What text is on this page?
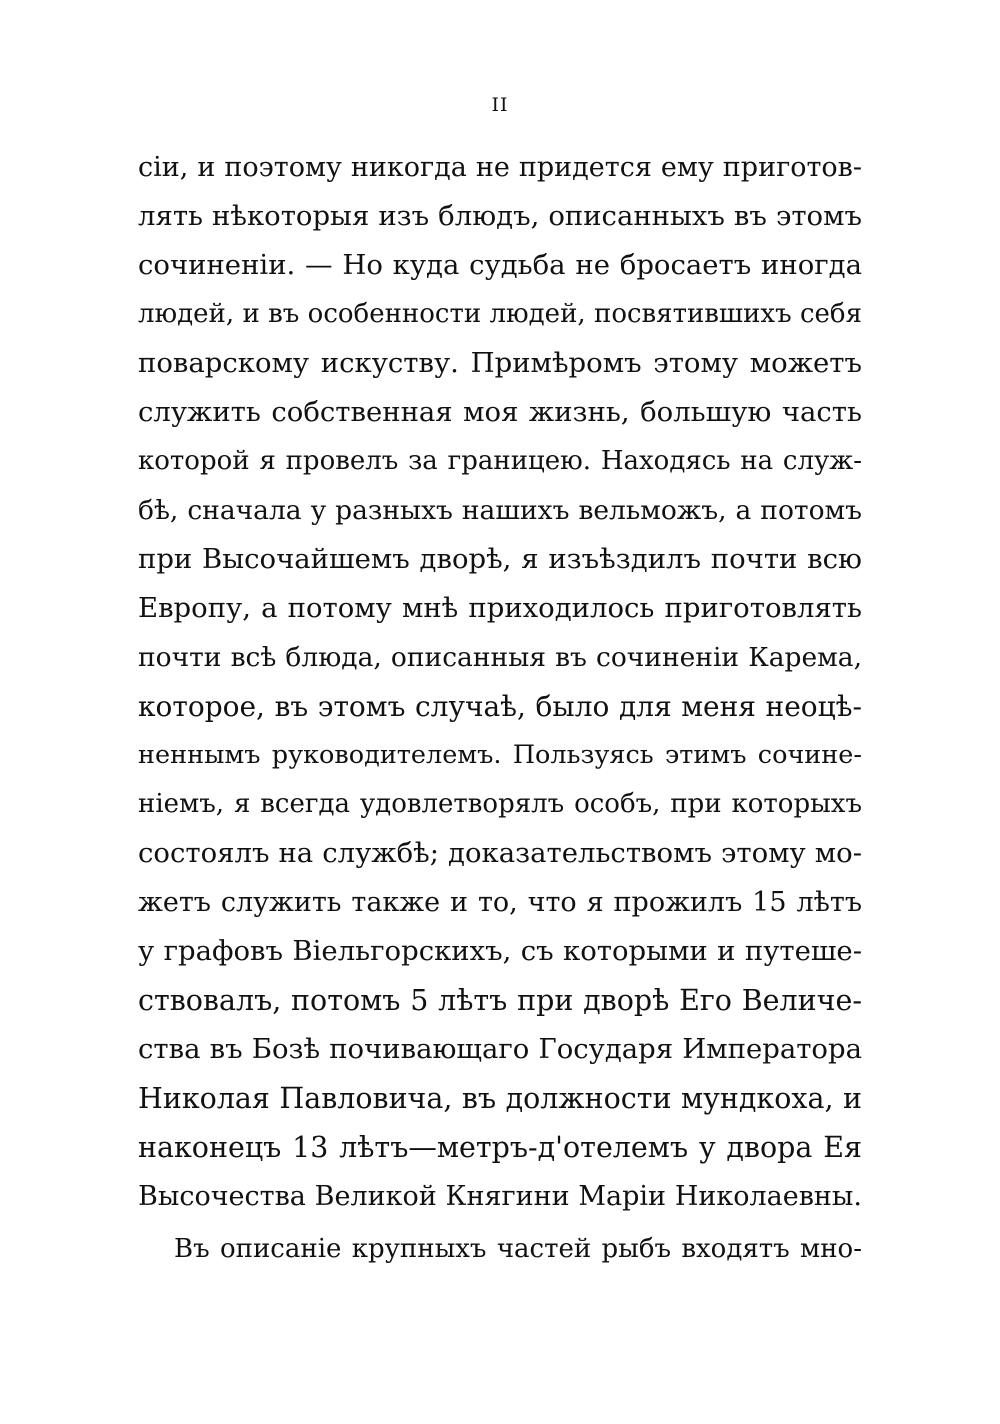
II
сіи, и поэтому никогда не придется ему приготов-
лять нѣкоторыя изъ блюдъ, описанныхъ въ этомъ
сочиненіи. — Но куда судьба не бросаетъ иногда
людей, и въ особенности людей, посвятившихъ себя
поварскому искуству. Примѣромъ этому можетъ
служить собственная моя жизнь, большую часть
которой я провелъ за границею. Находясь на служ-
бѣ, сначала у разныхъ нашихъ вельможъ, а потомъ
при Высочайшемъ дворѣ, я изъѣздилъ почти всю
Европу, а потому мнѣ приходилось приготовлять
почти всѣ блюда, описанныя въ сочиненіи Карема,
которое, въ этомъ случаѣ, было для меня неоцѣ-
неннымъ руководителемъ. Пользуясь этимъ сочине-
ніемъ, я всегда удовлетворялъ особъ, при которыхъ
состоялъ на службѣ; доказательствомъ этому мо-
жетъ служить также и то, что я прожилъ 15 лѣтъ
у графовъ Віельгорскихъ, съ которыми и путеше-
ствовалъ, потомъ 5 лѣтъ при дворѣ Его Величе-
ства въ Бозѣ почивающаго Государя Императора
Николая Павловича, въ должности мундкоха, и
наконецъ 13 лѣтъ—метръ-д'отелемъ у двора Ея
Высочества Великой Княгини Маріи Николаевны.
Въ описаніе крупныхъ частей рыбъ входятъ мно-
